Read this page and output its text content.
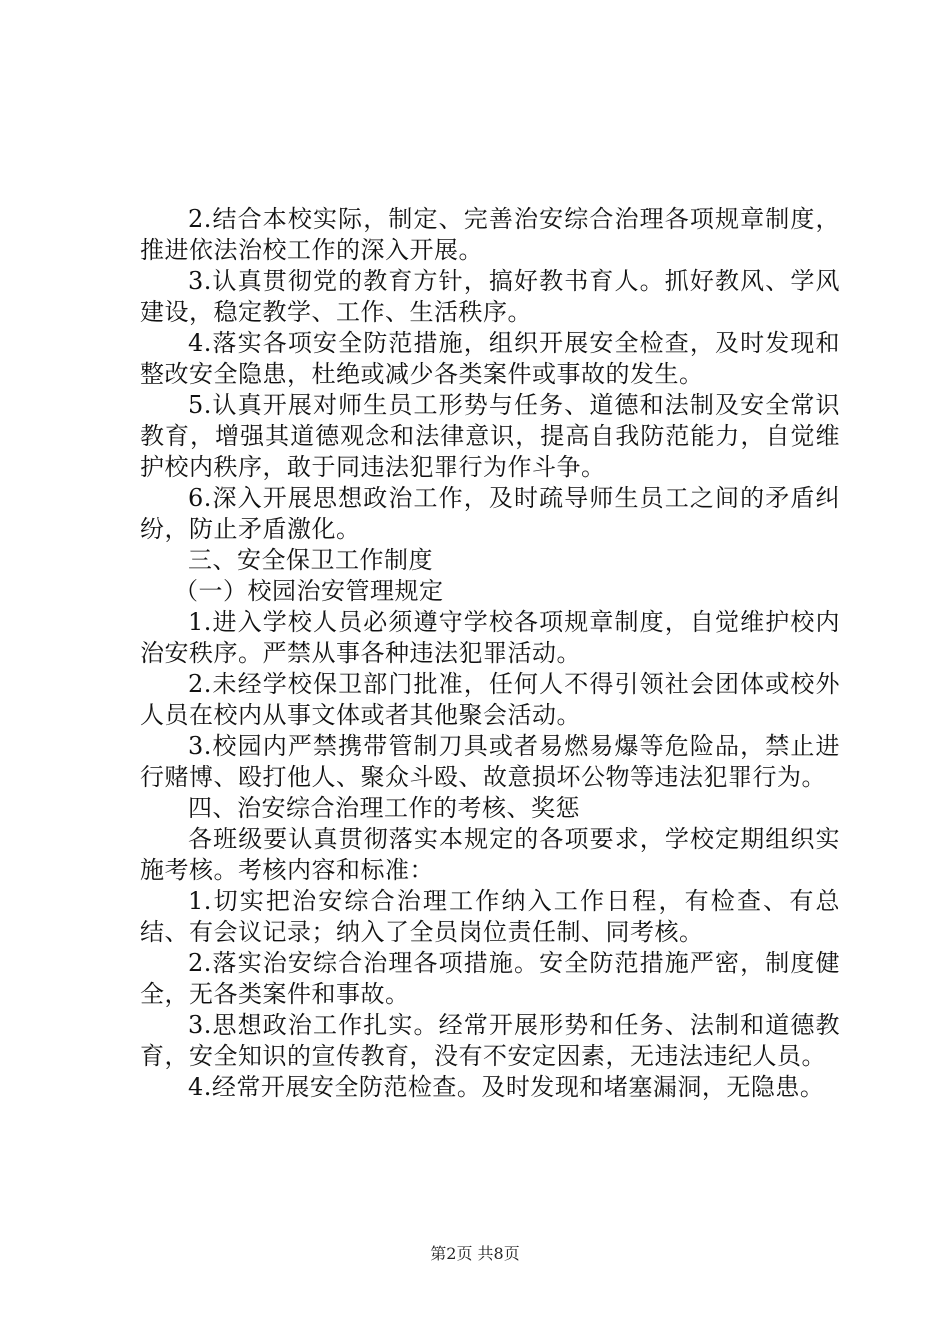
2.结合本校实际，制定、完善治安综合治理各项规章制度，推进依法治校工作的深入开展。

3.认真贯彻党的教育方针，搞好教书育人。抓好教风、学风建设，稳定教学、工作、生活秩序。

4.落实各项安全防范措施，组织开展安全检查，及时发现和整改安全隐患，杜绝或减少各类案件或事故的发生。

5.认真开展对师生员工形势与任务、道德和法制及安全常识教育，增强其道德观念和法律意识，提高自我防范能力，自觉维护校内秩序，敢于同违法犯罪行为作斗争。

6.深入开展思想政治工作，及时疏导师生员工之间的矛盾纠纷，防止矛盾激化。

三、安全保卫工作制度

（一）校园治安管理规定

1.进入学校人员必须遵守学校各项规章制度，自觉维护校内治安秩序。严禁从事各种违法犯罪活动。

2.未经学校保卫部门批准，任何人不得引领社会团体或校外人员在校内从事文体或者其他聚会活动。

3.校园内严禁携带管制刀具或者易燃易爆等危险品，禁止进行赌博、殴打他人、聚众斗殴、故意损坏公物等违法犯罪行为。

四、治安综合治理工作的考核、奖惩

各班级要认真贯彻落实本规定的各项要求，学校定期组织实施考核。考核内容和标准：

1.切实把治安综合治理工作纳入工作日程，有检查、有总结、有会议记录；纳入了全员岗位责任制、同考核。

2.落实治安综合治理各项措施。安全防范措施严密，制度健全，无各类案件和事故。

3.思想政治工作扎实。经常开展形势和任务、法制和道德教育，安全知识的宣传教育，没有不安定因素，无违法违纪人员。

4.经常开展安全防范检查。及时发现和堵塞漏洞，无隐患。

第2页 共8页
